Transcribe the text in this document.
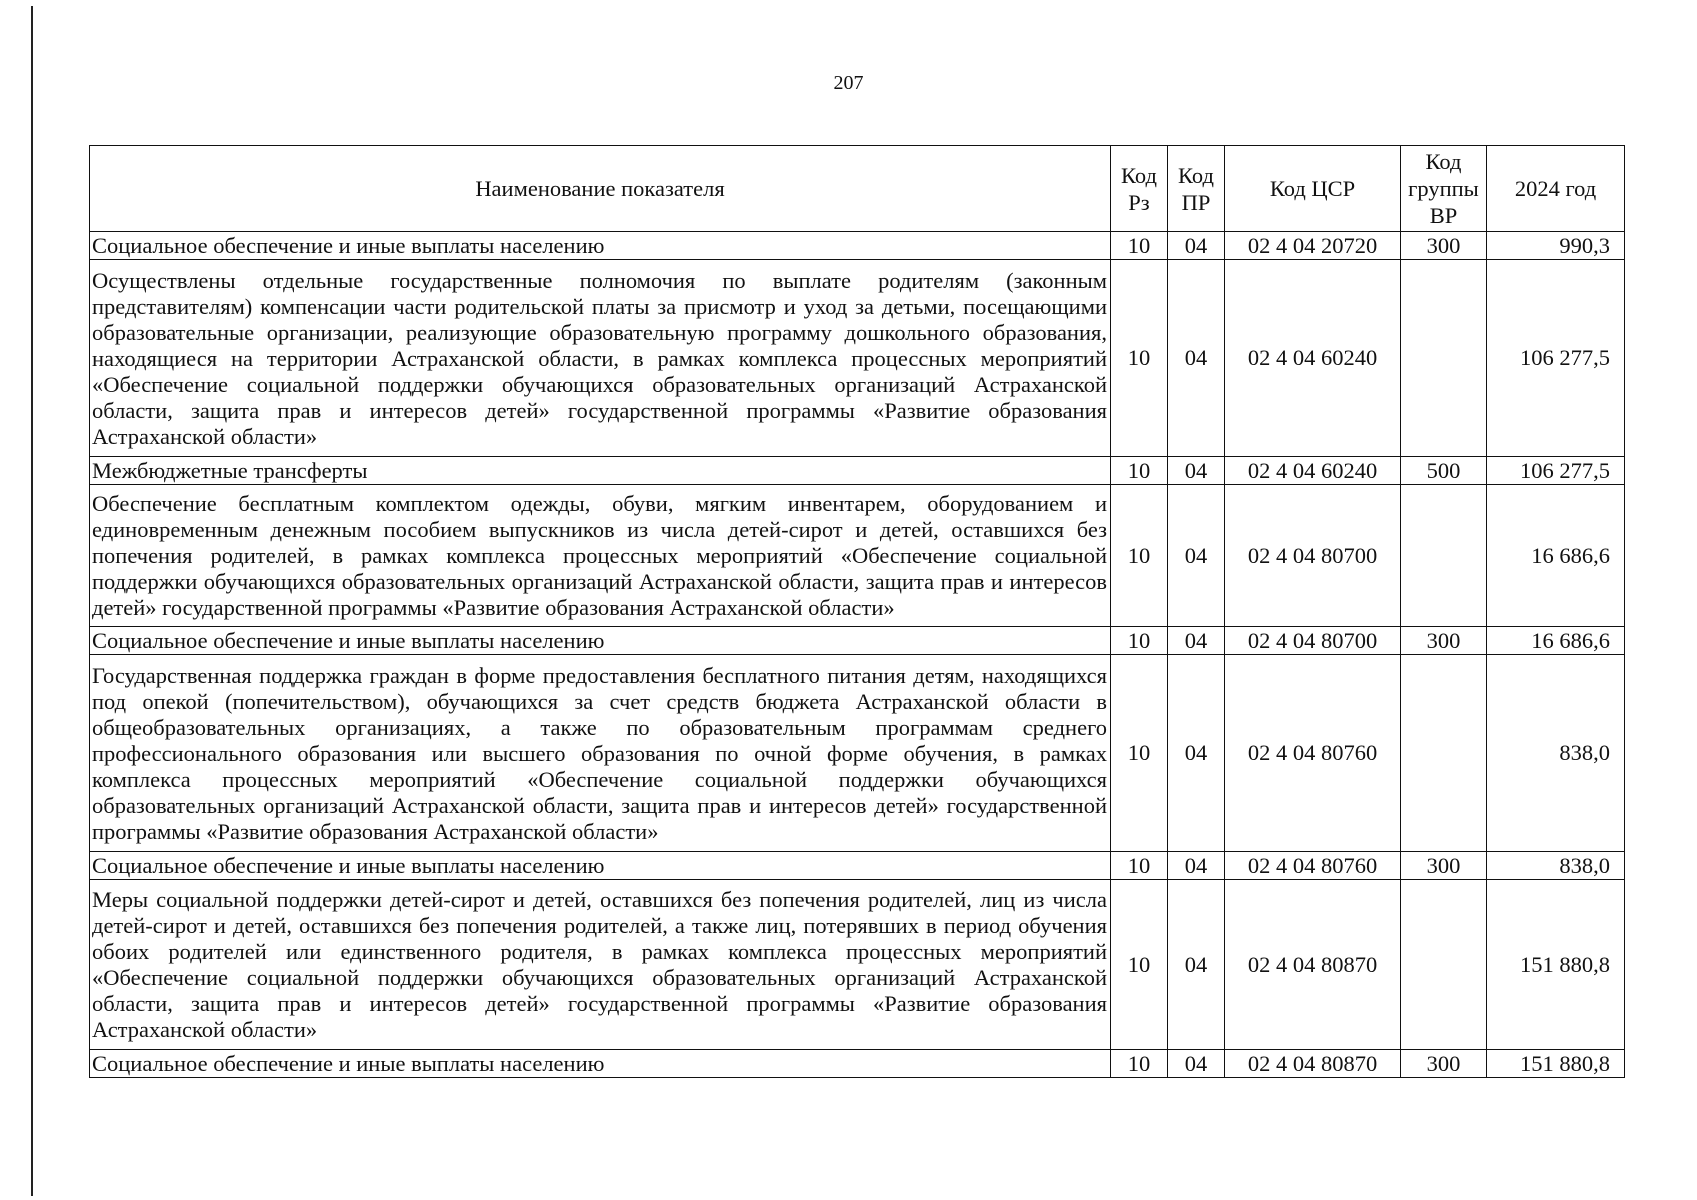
207
Наименование показателя	Код Рз	Код ПР	Код ЦСР	Код группы ВР	2024 год
Социальное обеспечение и иные выплаты населению	10	04	02 4 04 20720	300	990,3
Осуществлены отдельные государственные полномочия по выплате родителям (законным представителям) компенсации части родительской платы за присмотр и уход за детьми, посещающими образовательные организации, реализующие образовательную программу дошкольного образования, находящиеся на территории Астраханской области, в рамках комплекса процессных мероприятий «Обеспечение социальной поддержки обучающихся образовательных организаций Астраханской области, защита прав и интересов детей» государственной программы «Развитие образования Астраханской области»	10	04	02 4 04 60240		106 277,5
Межбюджетные трансферты	10	04	02 4 04 60240	500	106 277,5
Обеспечение бесплатным комплектом одежды, обуви, мягким инвентарем, оборудованием и единовременным денежным пособием выпускников из числа детей-сирот и детей, оставшихся без попечения родителей, в рамках комплекса процессных мероприятий «Обеспечение социальной поддержки обучающихся образовательных организаций Астраханской области, защита прав и интересов детей» государственной программы «Развитие образования Астраханской области»	10	04	02 4 04 80700		16 686,6
Социальное обеспечение и иные выплаты населению	10	04	02 4 04 80700	300	16 686,6
Государственная поддержка граждан в форме предоставления бесплатного питания детям, находящихся под опекой (попечительством), обучающихся за счет средств бюджета Астраханской области в общеобразовательных организациях, а также по образовательным программам среднего профессионального образования или высшего образования по очной форме обучения, в рамках комплекса процессных мероприятий «Обеспечение социальной поддержки обучающихся образовательных организаций Астраханской области, защита прав и интересов детей» государственной программы «Развитие образования Астраханской области»	10	04	02 4 04 80760		838,0
Социальное обеспечение и иные выплаты населению	10	04	02 4 04 80760	300	838,0
Меры социальной поддержки детей-сирот и детей, оставшихся без попечения родителей, лиц из числа детей-сирот и детей, оставшихся без попечения родителей, а также лиц, потерявших в период обучения обоих родителей или единственного родителя, в рамках комплекса процессных мероприятий «Обеспечение социальной поддержки обучающихся образовательных организаций Астраханской области, защита прав и интересов детей» государственной программы «Развитие образования Астраханской области»	10	04	02 4 04 80870		151 880,8
Социальное обеспечение и иные выплаты населению	10	04	02 4 04 80870	300	151 880,8
